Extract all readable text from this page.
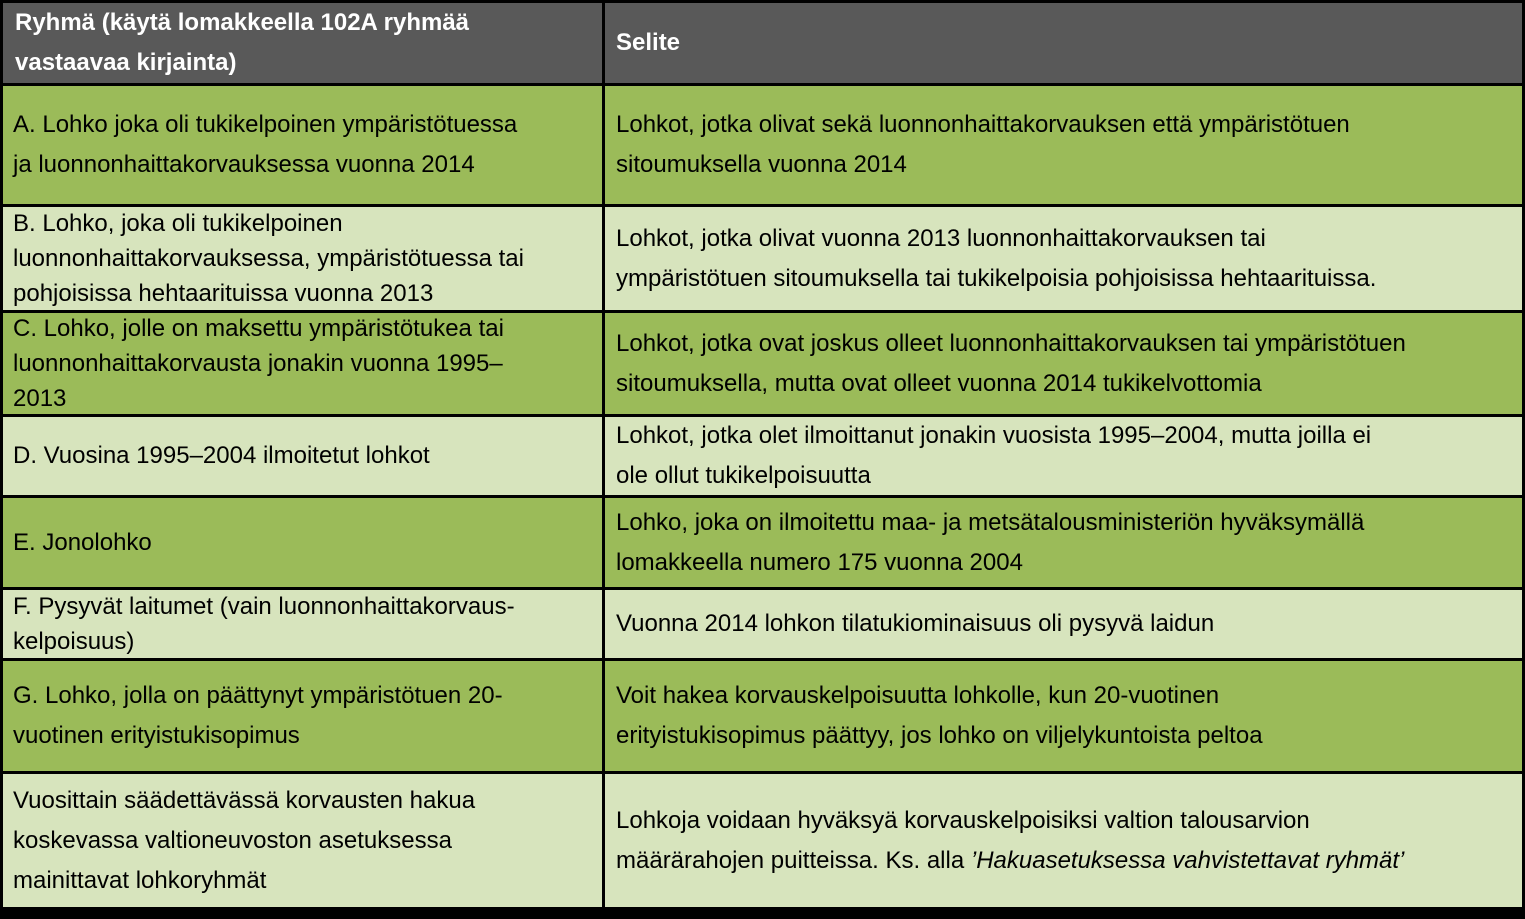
Ryhmä (käytä lomakkeella 102A ryhmää
vastaavaa kirjainta)
Selite
A. Lohko joka oli tukikelpoinen ympäristötuessa
ja luonnonhaittakorvauksessa vuonna 2014
Lohkot, jotka olivat sekä luonnonhaittakorvauksen että ympäristötuen
sitoumuksella vuonna 2014
B. Lohko, joka oli tukikelpoinen
luonnonhaittakorvauksessa, ympäristötuessa tai
pohjoisissa hehtaarituissa vuonna 2013
Lohkot, jotka olivat vuonna 2013 luonnonhaittakorvauksen tai
ympäristötuen sitoumuksella tai tukikelpoisia pohjoisissa hehtaarituissa.
C. Lohko, jolle on maksettu ympäristötukea tai
luonnonhaittakorvausta jonakin vuonna 1995–
2013
Lohkot, jotka ovat joskus olleet luonnonhaittakorvauksen tai ympäristötuen
sitoumuksella, mutta ovat olleet vuonna 2014 tukikelvottomia
D. Vuosina 1995–2004 ilmoitetut lohkot
Lohkot, jotka olet ilmoittanut jonakin vuosista 1995–2004, mutta joilla ei
ole ollut tukikelpoisuutta
E. Jonolohko
Lohko, joka on ilmoitettu maa- ja metsätalousministeriön hyväksymällä
lomakkeella numero 175 vuonna 2004
F. Pysyvät laitumet (vain luonnonhaittakorvaus-
kelpoisuus)
Vuonna 2014 lohkon tilatukiominaisuus oli pysyvä laidun
G. Lohko, jolla on päättynyt ympäristötuen 20-
vuotinen erityistukisopimus
Voit hakea korvauskelpoisuutta lohkolle, kun 20-vuotinen
erityistukisopimus päättyy, jos lohko on viljelykuntoista peltoa
Vuosittain säädettävässä korvausten hakua
koskevassa valtioneuvoston asetuksessa
mainittavat lohkoryhmät
Lohkoja voidaan hyväksyä korvauskelpoisiksi valtion talousarvion
määrärahojen puitteissa. Ks. alla ’Hakuasetuksessa vahvistettavat ryhmät’
